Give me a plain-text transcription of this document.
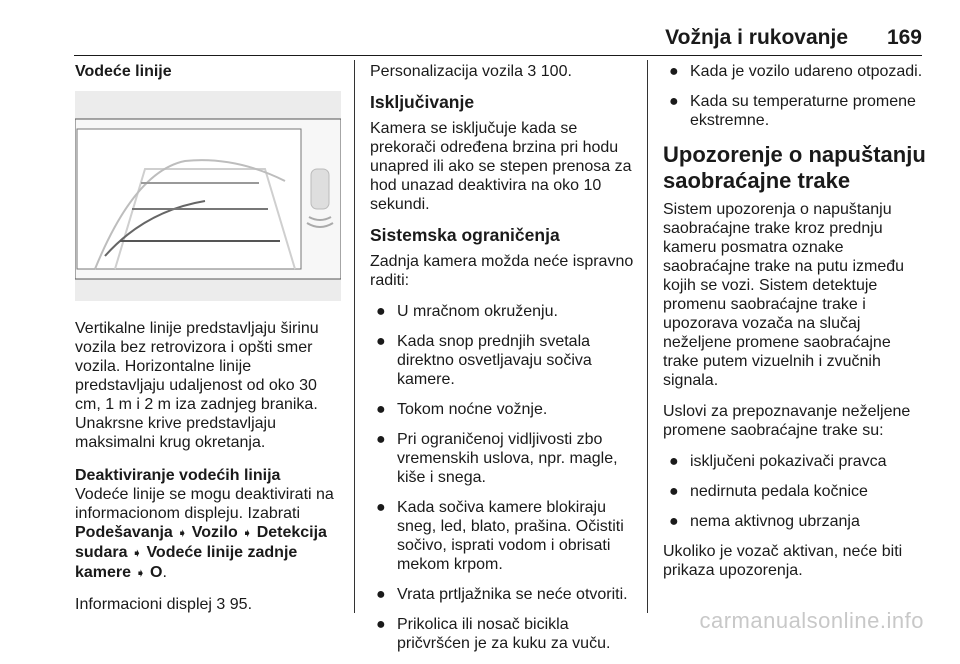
Vožnja i rukovanje 169
Vodeće linije

Vertikalne linije predstavljaju širinu vozila bez retrovizora i opšti smer vozila. Horizontalne linije predstavljaju udaljenost od oko 30 cm, 1 m i 2 m iza zadnjeg branika. Unakrsne krive predstavljaju maksimalni krug okretanja.

Deaktiviranje vodećih linija

Vodeće linije se mogu deaktivirati na informacionom displeju. Izabrati Podešavanja ➧ Vozilo ➧ Detekcija sudara ➧ Vodeće linije zadnje kamere ➧ O.

Informacioni displej 3 95.

Personalizacija vozila 3 100.

Isključivanje

Kamera se isključuje kada se prekorači određena brzina pri hodu unapred ili ako se stepen prenosa za hod unazad deaktivira na oko 10 sekundi.

Sistemska ograničenja

Zadnja kamera možda neće ispravno raditi:

● U mračnom okruženju.
● Kada snop prednjih svetala direktno osvetljavaju sočiva kamere.
● Tokom noćne vožnje.
● Pri ograničenoj vidljivosti zbo vremenskih uslova, npr. magle, kiše i snega.
● Kada sočiva kamere blokiraju sneg, led, blato, prašina. Očistiti sočivo, isprati vodom i obrisati mekom krpom.
● Vrata prtljažnika se neće otvoriti.
● Prikolica ili nosač bicikla pričvršćen je za kuku za vuču.
● Kada je vozilo udareno otpozadi.
● Kada su temperaturne promene ekstremne.
Upozorenje o napuštanju saobraćajne trake

Sistem upozorenja o napuštanju saobraćajne trake kroz prednju kameru posmatra oznake saobraćajne trake na putu između kojih se vozi. Sistem detektuje promenu saobraćajne trake i upozorava vozača na slučaj neželjene promene saobraćajne trake putem vizuelnih i zvučnih signala.

Uslovi za prepoznavanje neželjene promene saobraćajne trake su:

● isključeni pokazivači pravca
● nedirnuta pedala kočnice
● nema aktivnog ubrzanja

Ukoliko je vozač aktivan, neće biti prikaza upozorenja.

carmanualsonline.info
